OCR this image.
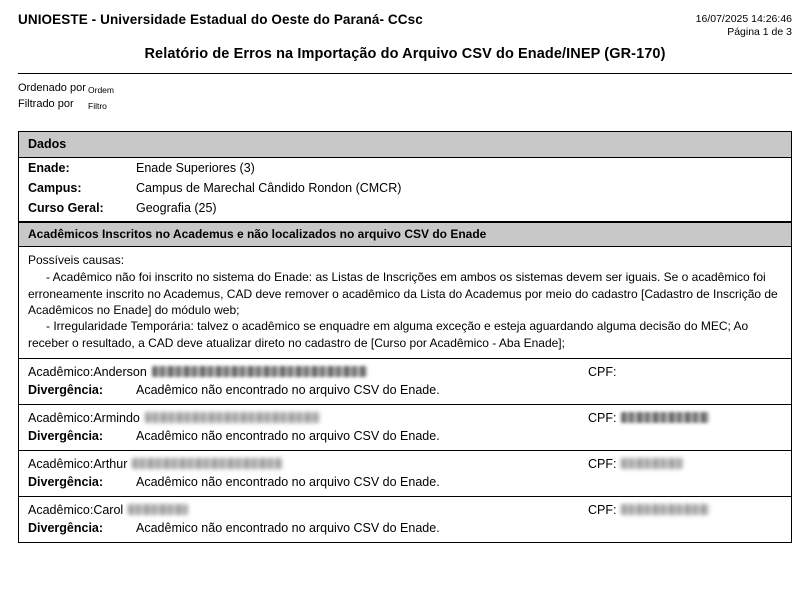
UNIOESTE - Universidade Estadual do Oeste do Paraná- CCsc	16/07/2025 14:26:46
Página 1 de 3
Relatório de Erros na Importação do Arquivo CSV do Enade/INEP (GR-170)
Ordenado por Ordem
Filtrado por	Filtro
Dados
Enade:	Enade Superiores (3)
Campus:	Campus de Marechal Cândido Rondon (CMCR)
Curso Geral:	Geografia (25)
Acadêmicos Inscritos no Academus e não localizados no arquivo CSV do Enade
Possíveis causas:
- Acadêmico não foi inscrito no sistema do Enade: as Listas de Inscrições em ambos os sistemas devem ser iguais. Se o acadêmico foi erroneamente inscrito no Academus, CAD deve remover o acadêmico da Lista do Academus por meio do cadastro [Cadastro de Inscrição de Acadêmicos no Enade] do módulo web;
- Irregularidade Temporária: talvez o acadêmico se enquadre em alguma exceção e esteja aguardando alguma decisão do MEC; Ao receber o resultado, a CAD deve atualizar direto no cadastro de [Curso por Acadêmico - Aba Enade];
Acadêmico: Anderson	CPF:
Divergência:	Acadêmico não encontrado no arquivo CSV do Enade.
Acadêmico: Armindo	CPF:
Divergência:	Acadêmico não encontrado no arquivo CSV do Enade.
Acadêmico: Arthur	CPF:
Divergência:	Acadêmico não encontrado no arquivo CSV do Enade.
Acadêmico: Carol	CPF:
Divergência:	Acadêmico não encontrado no arquivo CSV do Enade.
